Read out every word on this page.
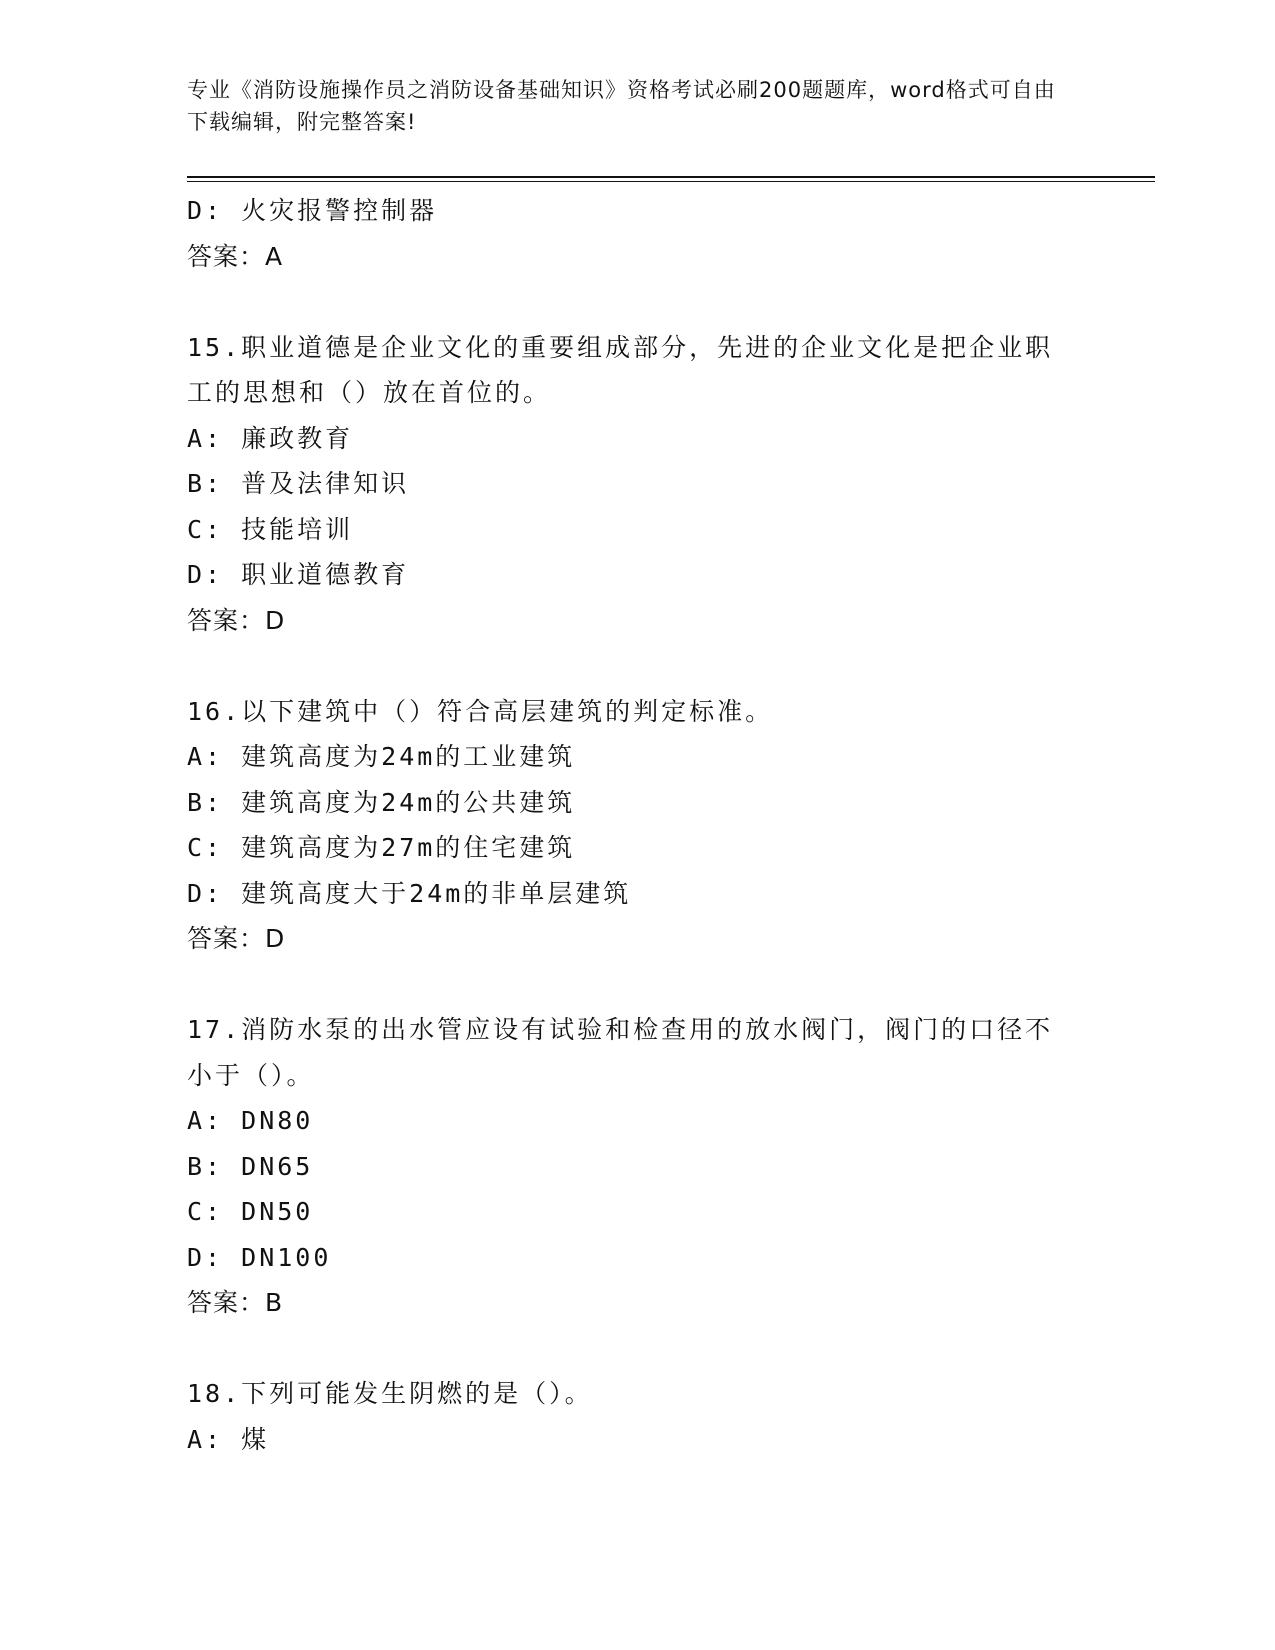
专业《消防设施操作员之消防设备基础知识》资格考试必刷200题题库，word格式可自由下载编辑，附完整答案!

D: 火灾报警控制器

答案：A

15.职业道德是企业文化的重要组成部分，先进的企业文化是把企业职工的思想和（）放在首位的。

A: 廉政教育

B: 普及法律知识

C: 技能培训

D: 职业道德教育

答案：D

16.以下建筑中（）符合高层建筑的判定标准。

A: 建筑高度为24m的工业建筑

B: 建筑高度为24m的公共建筑

C: 建筑高度为27m的住宅建筑

D: 建筑高度大于24m的非单层建筑

答案：D

17.消防水泵的出水管应设有试验和检查用的放水阀门，阀门的口径不小于（）。

A: DN80

B: DN65

C: DN50

D: DN100

答案：B

18.下列可能发生阴燃的是（）。

A: 煤
